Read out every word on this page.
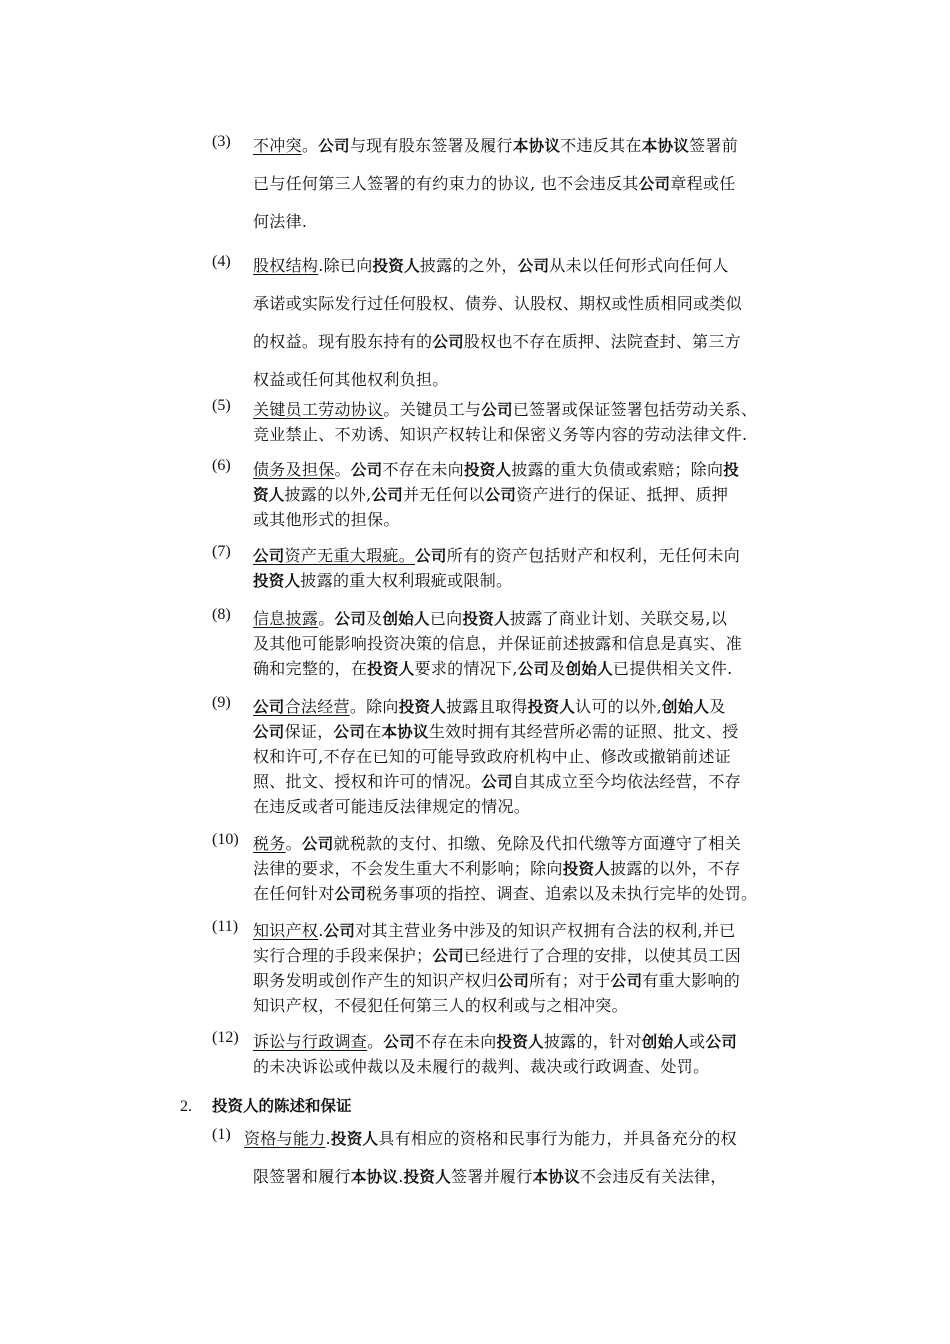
(3) 不冲突。公司与现有股东签署及履行本协议不违反其在本协议签署前
已与任何第三人签署的有约束力的协议, 也不会违反其公司章程或任
何法律.
(4) 股权结构.除已向投资人披露的之外，公司从未以任何形式向任何人
承诺或实际发行过任何股权、债券、认股权、期权或性质相同或类似
的权益。现有股东持有的公司股权也不存在质押、法院查封、第三方
权益或任何其他权利负担。
(5) 关键员工劳动协议。关键员工与公司已签署或保证签署包括劳动关系、
竞业禁止、不劝诱、知识产权转让和保密义务等内容的劳动法律文件.
(6) 债务及担保。公司不存在未向投资人披露的重大负债或索赔；除向投
资人披露的以外,公司并无任何以公司资产进行的保证、抵押、质押
或其他形式的担保。
(7) 公司资产无重大瑕疵。公司所有的资产包括财产和权利，无任何未向
投资人披露的重大权利瑕疵或限制。
(8) 信息披露。公司及创始人已向投资人披露了商业计划、关联交易,以
及其他可能影响投资决策的信息，并保证前述披露和信息是真实、准
确和完整的，在投资人要求的情况下,公司及创始人已提供相关文件.
(9) 公司合法经营。除向投资人披露且取得投资人认可的以外,创始人及
公司保证，公司在本协议生效时拥有其经营所必需的证照、批文、授
权和许可,不存在已知的可能导致政府机构中止、修改或撤销前述证
照、批文、授权和许可的情况。公司自其成立至今均依法经营，不存
在违反或者可能违反法律规定的情况。
(10) 税务。公司就税款的支付、扣缴、免除及代扣代缴等方面遵守了相关
法律的要求，不会发生重大不利影响；除向投资人披露的以外，不存
在任何针对公司税务事项的指控、调查、追索以及未执行完毕的处罚。
(11) 知识产权.公司对其主营业务中涉及的知识产权拥有合法的权利,并已
实行合理的手段来保护；公司已经进行了合理的安排，以使其员工因
职务发明或创作产生的知识产权归公司所有；对于公司有重大影响的
知识产权，不侵犯任何第三人的权利或与之相冲突。
(12) 诉讼与行政调查。公司不存在未向投资人披露的，针对创始人或公司
的未决诉讼或仲裁以及未履行的裁判、裁决或行政调查、处罚。
2. 投资人的陈述和保证
(1) 资格与能力.投资人具有相应的资格和民事行为能力，并具备充分的权
限签署和履行本协议.投资人签署并履行本协议不会违反有关法律，
